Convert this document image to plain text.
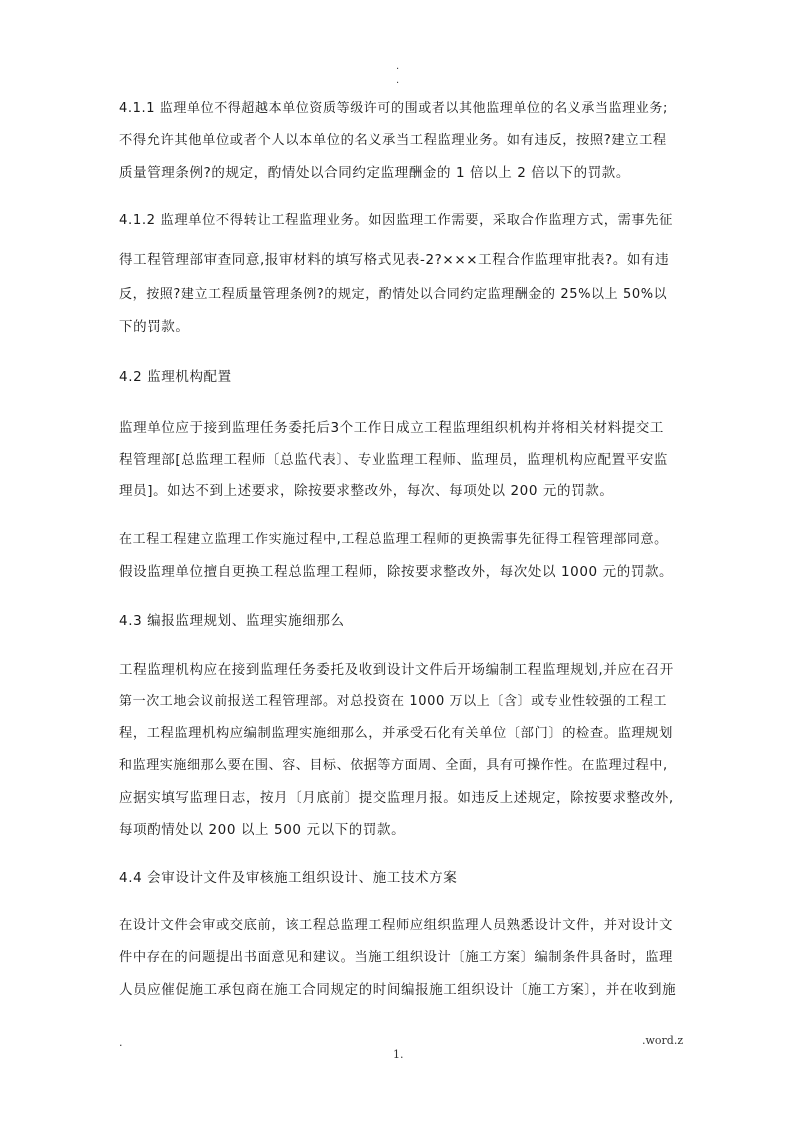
.
.
4.1.1 监理单位不得超越本单位资质等级许可的围或者以其他监理单位的名义承当监理业务;
不得允许其他单位或者个人以本单位的名义承当工程监理业务。如有违反，按照?建立工程
质量管理条例?的规定，酌情处以合同约定监理酬金的 1 倍以上 2 倍以下的罚款。
4.1.2 监理单位不得转让工程监理业务。如因监理工作需要，采取合作监理方式，需事先征
得工程管理部审查同意,报审材料的填写格式见表-2?×××工程合作监理审批表?。如有违
反，按照?建立工程质量管理条例?的规定，酌情处以合同约定监理酬金的 25%以上 50%以
下的罚款。
4.2 监理机构配置
监理单位应于接到监理任务委托后3个工作日成立工程监理组织机构并将相关材料提交工
程管理部[总监理工程师〔总监代表〕、专业监理工程师、监理员，监理机构应配置平安监
理员]。如达不到上述要求，除按要求整改外，每次、每项处以 200 元的罚款。
在工程工程建立监理工作实施过程中,工程总监理工程师的更换需事先征得工程管理部同意。
假设监理单位擅自更换工程总监理工程师，除按要求整改外，每次处以 1000 元的罚款。
4.3 编报监理规划、监理实施细那么
工程监理机构应在接到监理任务委托及收到设计文件后开场编制工程监理规划,并应在召开
第一次工地会议前报送工程管理部。对总投资在 1000 万以上〔含〕或专业性较强的工程工
程，工程监理机构应编制监理实施细那么，并承受石化有关单位〔部门〕的检查。监理规划
和监理实施细那么要在围、容、目标、依据等方面周、全面，具有可操作性。在监理过程中,
应据实填写监理日志，按月〔月底前〕提交监理月报。如违反上述规定，除按要求整改外,
每项酌情处以 200 以上 500 元以下的罚款。
4.4 会审设计文件及审核施工组织设计、施工技术方案
在设计文件会审或交底前，该工程总监理工程师应组织监理人员熟悉设计文件，并对设计文
件中存在的问题提出书面意见和建议。当施工组织设计〔施工方案〕编制条件具备时，监理
人员应催促施工承包商在施工合同规定的时间编报施工组织设计〔施工方案〕，并在收到施
.	.word.z
1.
